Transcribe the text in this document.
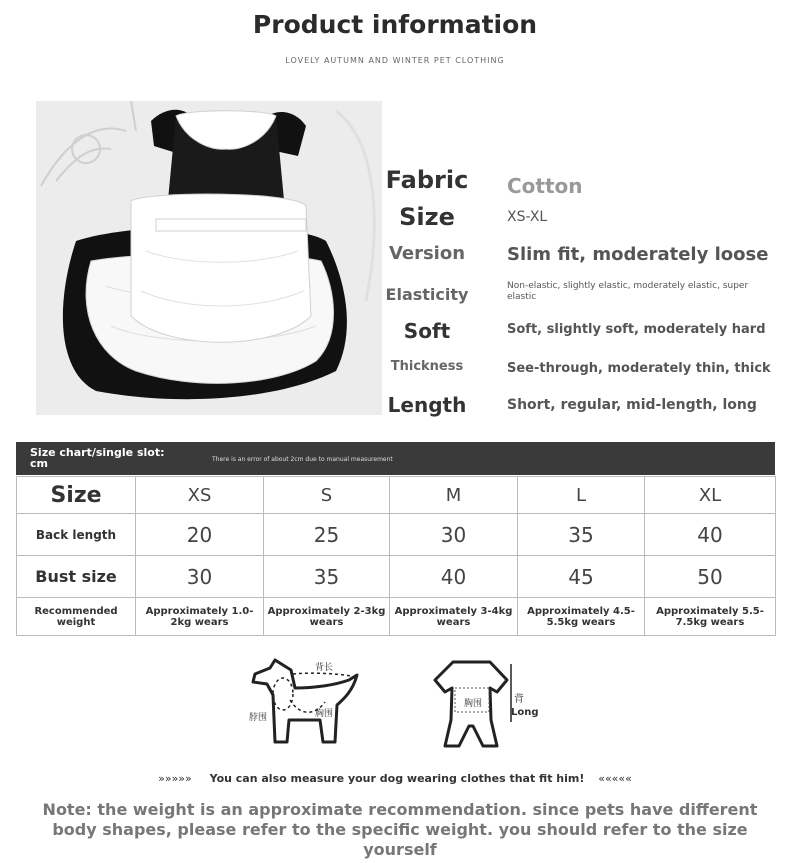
Product information
LOVELY AUTUMN AND WINTER PET CLOTHING
Fabric	Cotton
Size	XS-XL
Version	Slim fit, moderately loose
Elasticity	Non-elastic, slightly elastic, moderately elastic, super elastic
Soft	Soft, slightly soft, moderately hard
Thickness	See-through, moderately thin, thick
Length	Short, regular, mid-length, long
Size chart/single slot: cm	There is an error of about 2cm due to manual measurement
Size	XS	S	M	L	XL
Back length	20	25	30	35	40
Bust size	30	35	40	45	50
Recommended weight	Approximately 1.0-2kg wears	Approximately 2-3kg wears	Approximately 3-4kg wears	Approximately 4.5-5.5kg wears	Approximately 5.5-7.5kg wears
背长
脖围	胸围
胸围	背
Long
»»»»» You can also measure your dog wearing clothes that fit him! «««««
Note: the weight is an approximate recommendation. since pets have different body shapes, please refer to the specific weight. you should refer to the size yourself
